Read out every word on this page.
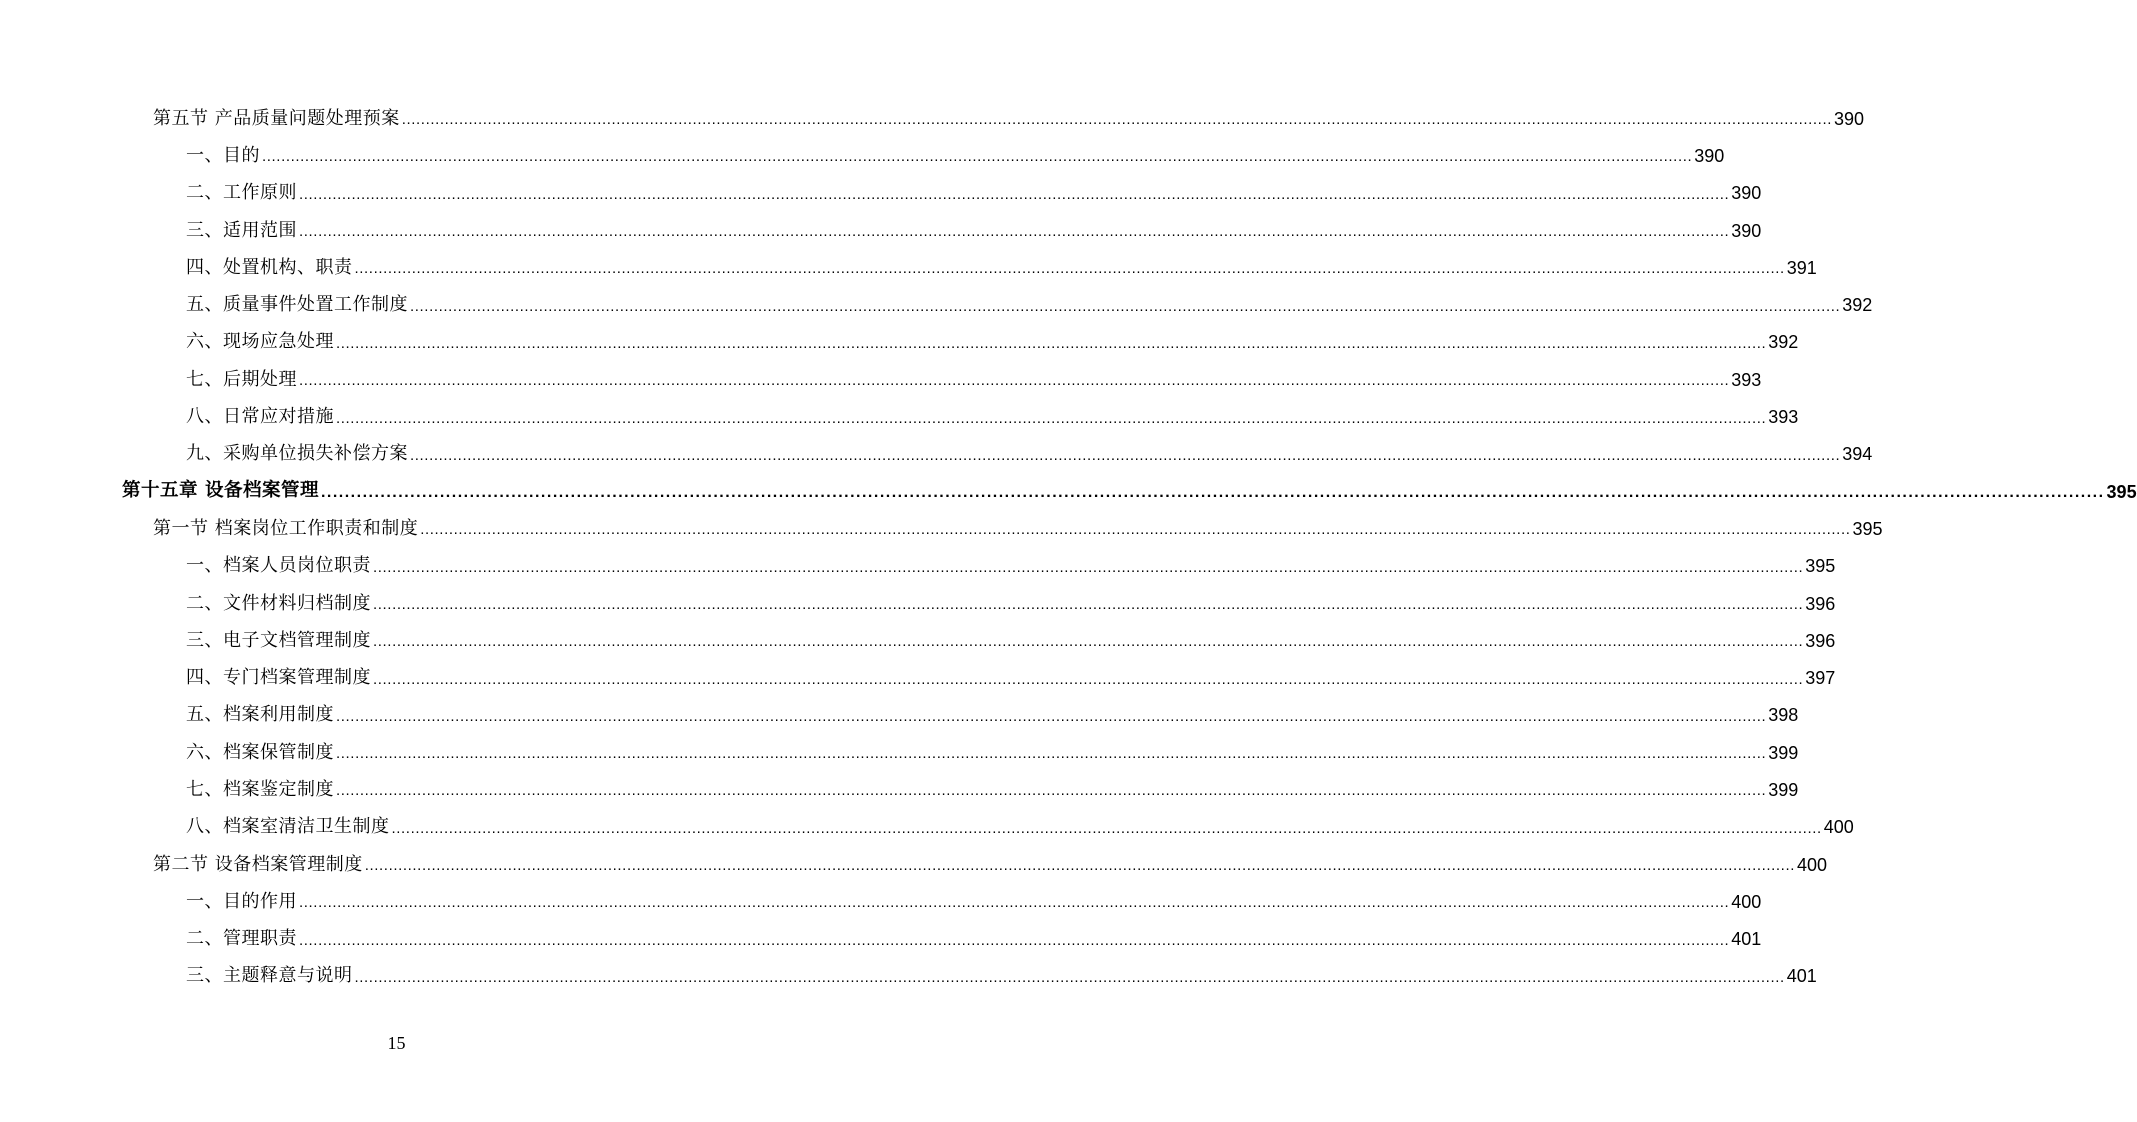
第五节 产品质量问题处理预案 ............................................................................................................................................................................................................................................................................................................ 390
一、目的 ............................................................................................................................................................................................................................................................................................................ 390
二、工作原则 ............................................................................................................................................................................................................................................................................................................ 390
三、适用范围 ............................................................................................................................................................................................................................................................................................................ 390
四、处置机构、职责 ............................................................................................................................................................................................................................................................................................................ 391
五、质量事件处置工作制度 ............................................................................................................................................................................................................................................................................................................ 392
六、现场应急处理 ............................................................................................................................................................................................................................................................................................................ 392
七、后期处理 ............................................................................................................................................................................................................................................................................................................ 393
八、日常应对措施 ............................................................................................................................................................................................................................................................................................................ 393
九、采购单位损失补偿方案 ............................................................................................................................................................................................................................................................................................................ 394
第十五章 设备档案管理 ............................................................................................................................................................................................................................................................................................................ 395
第一节 档案岗位工作职责和制度 ............................................................................................................................................................................................................................................................................................................ 395
一、档案人员岗位职责 ............................................................................................................................................................................................................................................................................................................ 395
二、文件材料归档制度 ............................................................................................................................................................................................................................................................................................................ 396
三、电子文档管理制度 ............................................................................................................................................................................................................................................................................................................ 396
四、专门档案管理制度 ............................................................................................................................................................................................................................................................................................................ 397
五、档案利用制度 ............................................................................................................................................................................................................................................................................................................ 398
六、档案保管制度 ............................................................................................................................................................................................................................................................................................................ 399
七、档案鉴定制度 ............................................................................................................................................................................................................................................................................................................ 399
八、档案室清洁卫生制度 ............................................................................................................................................................................................................................................................................................................ 400
第二节 设备档案管理制度 ............................................................................................................................................................................................................................................................................................................ 400
一、目的作用 ............................................................................................................................................................................................................................................................................................................ 400
二、管理职责 ............................................................................................................................................................................................................................................................................................................ 401
三、主题释意与说明 ............................................................................................................................................................................................................................................................................................................ 401
15
